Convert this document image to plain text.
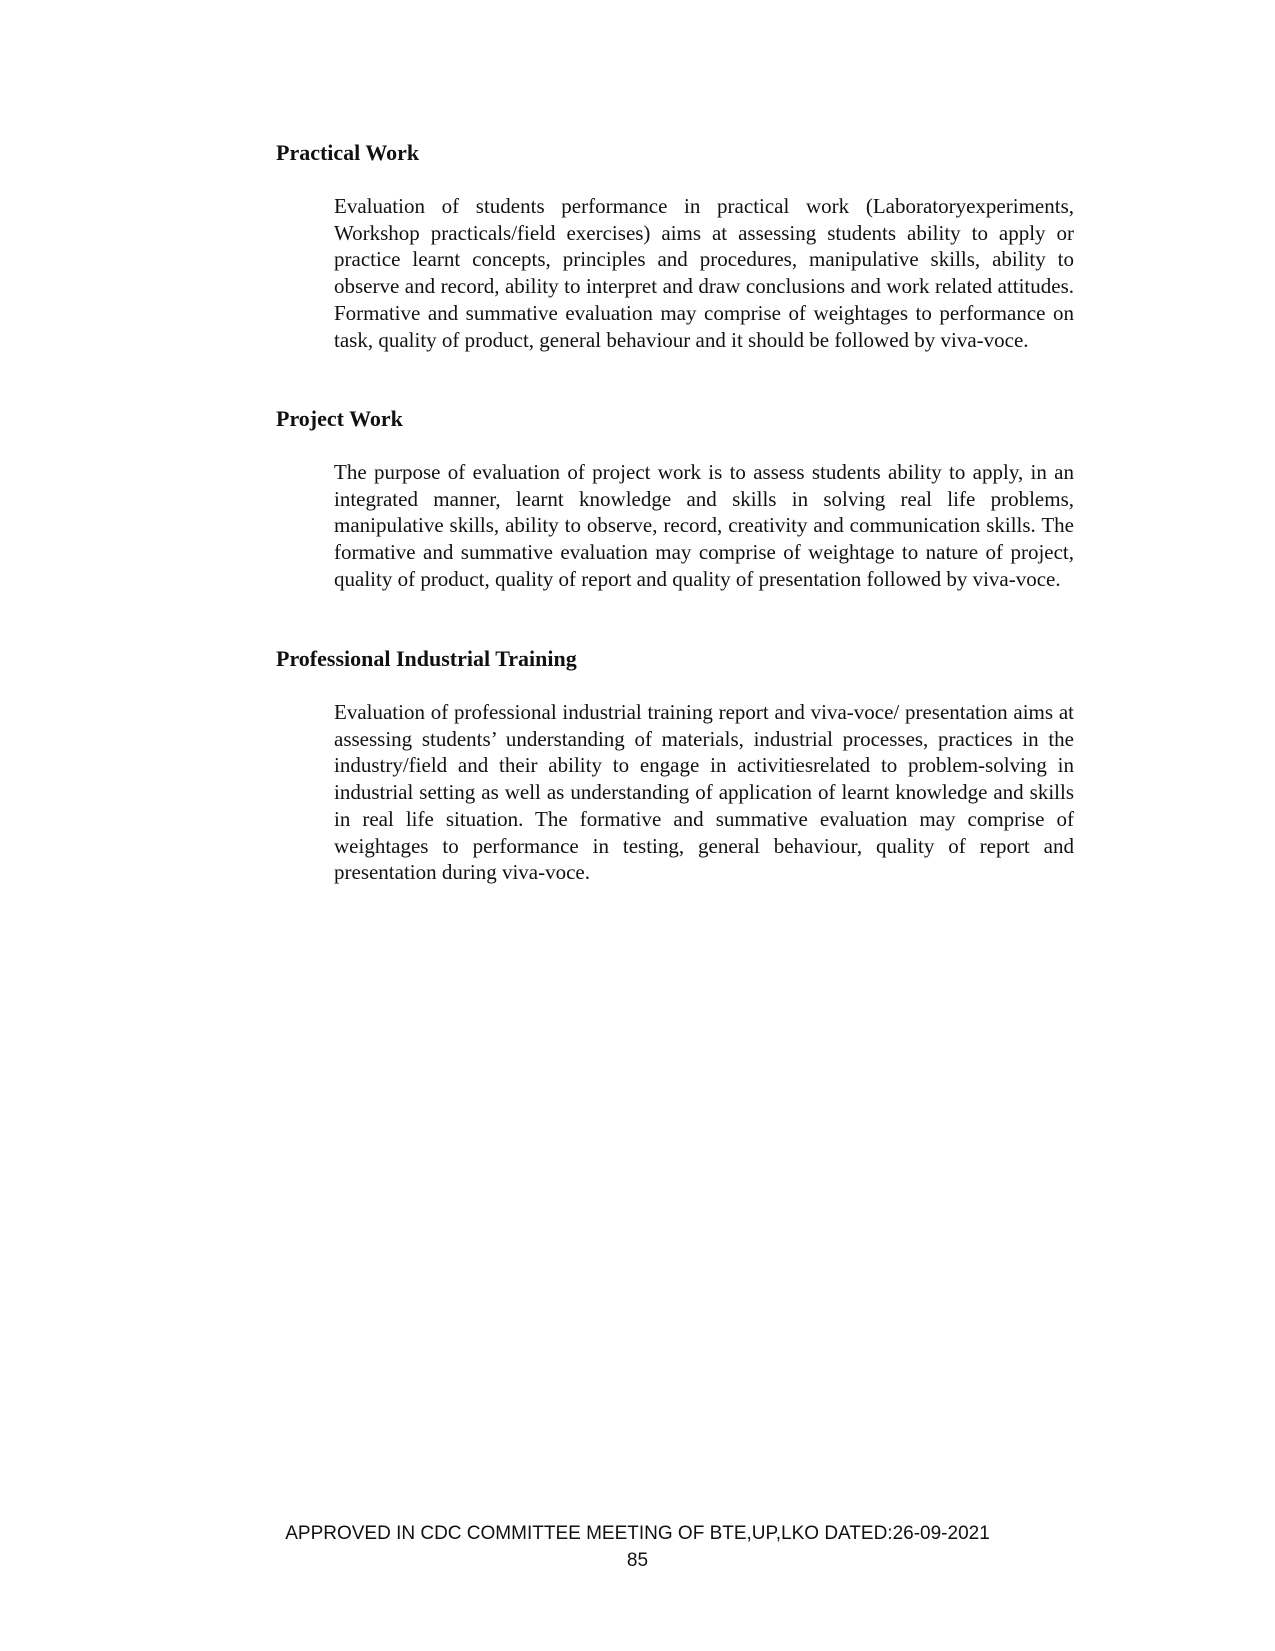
Practical Work

Evaluation of students performance in practical work (Laboratoryexperiments, Workshop practicals/field exercises) aims at assessing students ability to apply or practice learnt concepts, principles and procedures, manipulative skills, ability to observe and record, ability to interpret and draw conclusions and work related attitudes. Formative and summative evaluation may comprise of weightages to performance on task, quality of product, general behaviour and it should be followed by viva-voce.

Project Work

The purpose of evaluation of project work is to assess students ability to apply, in an integrated manner, learnt knowledge and skills in solving real life problems, manipulative skills, ability to observe, record, creativity and communication skills. The formative and summative evaluation may comprise of weightage to nature of project, quality of product, quality of report and quality of presentation followed by viva-voce.

Professional Industrial Training

Evaluation of professional industrial training report and viva-voce/ presentation aims at assessing students’ understanding of materials, industrial processes, practices in the industry/field and their ability to engage in activitiesrelated to problem-solving in industrial setting as well as understanding of application of learnt knowledge and skills in real life situation. The formative and summative evaluation may comprise of weightages to performance in testing, general behaviour, quality of report and presentation during viva-voce.

APPROVED IN CDC COMMITTEE MEETING OF BTE,UP,LKO DATED:26-09-2021
85
